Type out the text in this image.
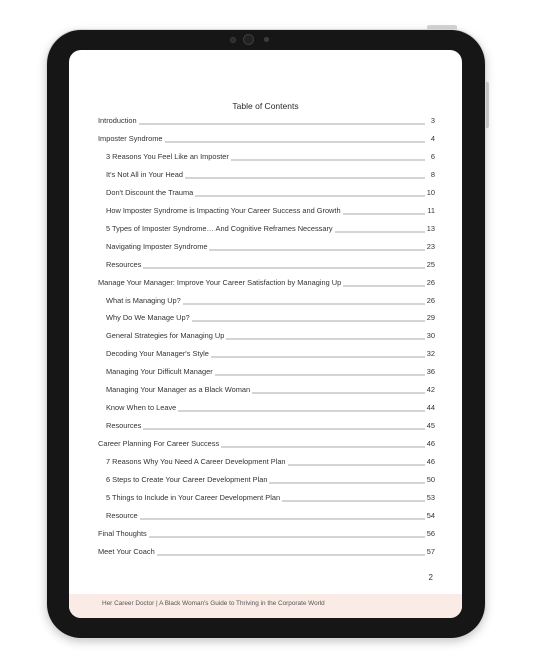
Table of Contents
Introduction	3
Imposter Syndrome	4
3 Reasons You Feel Like an Imposter	6
It's Not All in Your Head	8
Don't Discount the Trauma	10
How Imposter Syndrome is Impacting Your Career Success and Growth	11
5 Types of Imposter Syndrome… And Cognitive Reframes Necessary	13
Navigating Imposter Syndrome	23
Resources	25
Manage Your Manager: Improve Your Career Satisfaction by Managing Up	26
What is Managing Up?	26
Why Do We Manage Up?	29
General Strategies for Managing Up	30
Decoding Your Manager's Style	32
Managing Your Difficult Manager	36
Managing Your Manager as a Black Woman	42
Know When to Leave	44
Resources	45
Career Planning For Career Success	46
7 Reasons Why You Need A Career Development Plan	46
6 Steps to Create Your Career Development Plan	50
5 Things to Include in Your Career Development Plan	53
Resource	54
Final Thoughts	56
Meet Your Coach	57
2
Her Career Doctor | A Black Woman's Guide to Thriving in the Corporate World
